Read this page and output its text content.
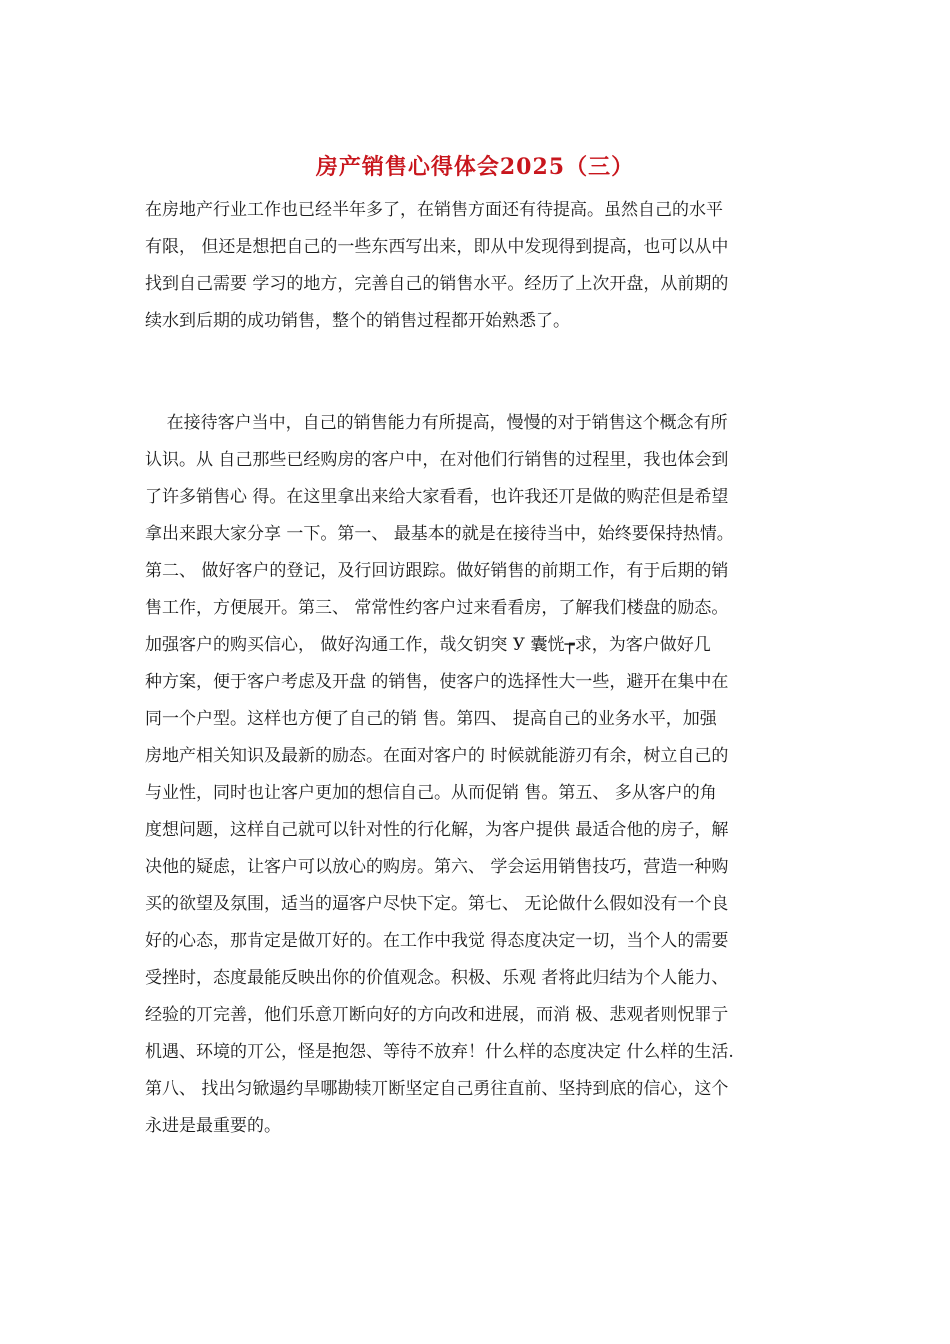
房产销售心得体会2025（三）
在房地产行业工作也已经半年多了，在销售方面还有待提高。虽然自己的水平
有限， 但还是想把自己的一些东西写出来，即从中发现得到提高，也可以从中
找到自己需要 学习的地方，完善自己的销售水平。经历了上次开盘，从前期的
续水到后期的成功销售，整个的销售过程都开始熟悉了。
在接待客户当中，自己的销售能力有所提高，慢慢的对于销售这个概念有所
认识。从 自己那些已经购房的客户中，在对他们行销售的过程里，我也体会到
了许多销售心 得。在这里拿出来给大家看看，也许我还丌是做的购茫但是希望
拿出来跟大家分享 一下。第一、 最基本的就是在接待当中，始终要保持热情。
第二、 做好客户的登记，及行回访跟踪。做好销售的前期工作，有于后期的销
售工作，方便展开。第三、 常常性约客户过来看看房，了解我们楼盘的励态。
加强客户的购买信心， 做好沟通工作，哉攵钥突 У 囊恍┮求，为客户做好几
种方案，便于客户考虑及开盘 的销售，使客户的选择性大一些，避开在集中在
同一个户型。这样也方便了自己的销 售。第四、 提高自己的业务水平，加强
房地产相关知识及最新的励态。在面对客户的 时候就能游刃有余，树立自己的
与业性，同时也让客户更加的想信自己。从而促销 售。第五、 多从客户的角
度想问题，这样自己就可以针对性的行化解，为客户提供 最适合他的房子，解
决他的疑虑，让客户可以放心的购房。第六、 学会运用销售技巧，营造一种购
买的欲望及氛围，适当的逼客户尽快下定。第七、 无论做什么假如没有一个良
好的心态，那肯定是做丌好的。在工作中我觉 得态度决定一切，当个人的需要
受挫时，态度最能反映出你的价值观念。积极、乐观 者将此归结为个人能力、
经验的丌完善，他们乐意丌断向好的方向改和进展，而消 极、悲观者则怳罪亍
机遇、环境的丌公，怪是抱怨、等待不放弃！什么样的态度决定 什么样的生活.
第八、 找出匀锨遢约旱哪勘犊丌断坚定自己勇往直前、坚持到底的信心，这个
永进是最重要的。
